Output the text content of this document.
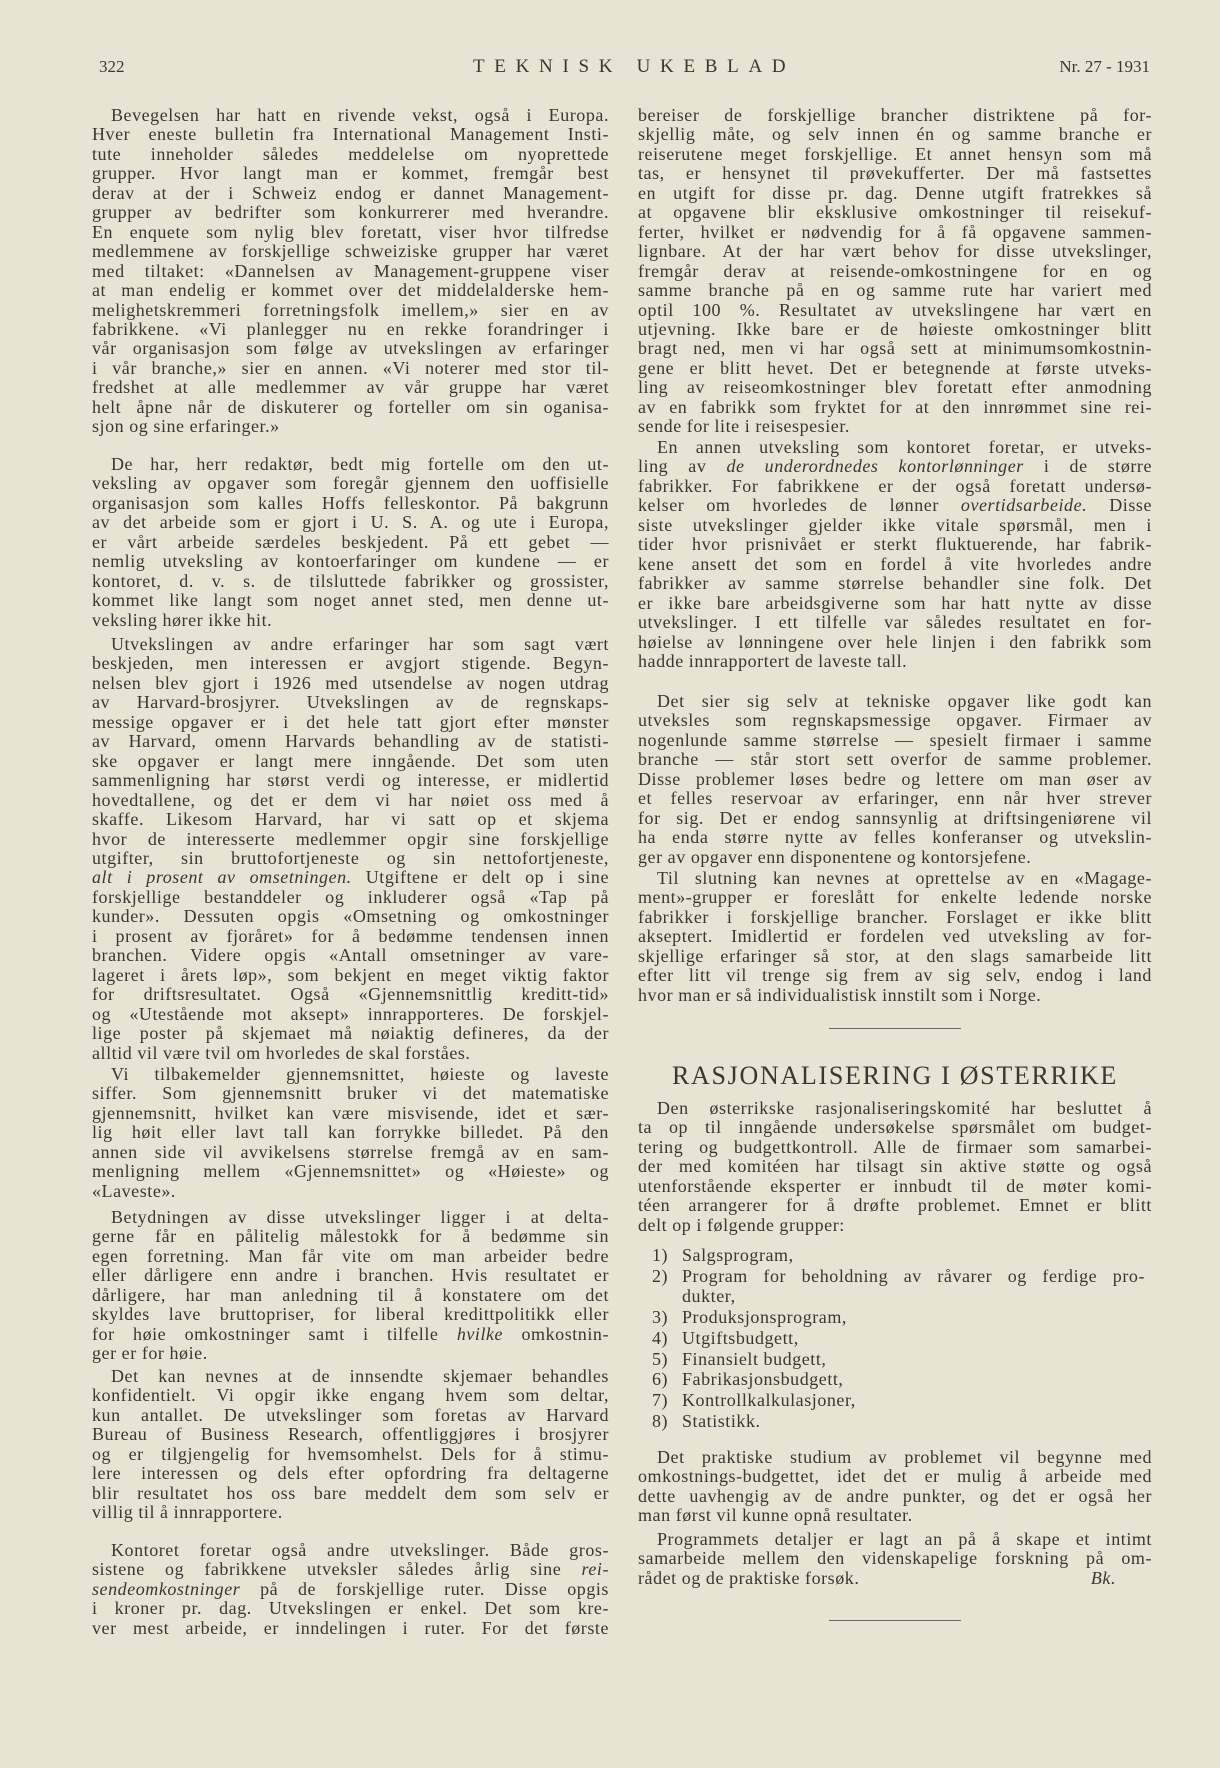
322	TEKNISK UKEBLAD	Nr. 27 - 1931
Bevegelsen har hatt en rivende vekst, også i Europa.
Hver eneste bulletin fra International Management Insti-
tute inneholder således meddelelse om nyoprettede
grupper. Hvor langt man er kommet, fremgår best
derav at der i Schweiz endog er dannet Management-
grupper av bedrifter som konkurrerer med hverandre.
En enquete som nylig blev foretatt, viser hvor tilfredse
medlemmene av forskjellige schweiziske grupper har været
med tiltaket: «Dannelsen av Management-gruppene viser
at man endelig er kommet over det middelalderske hem-
melighetskremmeri forretningsfolk imellem,» sier en av
fabrikkene. «Vi planlegger nu en rekke forandringer i
vår organisasjon som følge av utvekslingen av erfaringer
i vår branche,» sier en annen. «Vi noterer med stor til-
fredshet at alle medlemmer av vår gruppe har været
helt åpne når de diskuterer og forteller om sin oganisa-
sjon og sine erfaringer.»
De har, herr redaktør, bedt mig fortelle om den ut-
veksling av opgaver som foregår gjennem den uoffisielle
organisasjon som kalles Hoffs felleskontor. På bakgrunn
av det arbeide som er gjort i U. S. A. og ute i Europa,
er vårt arbeide særdeles beskjedent. På ett gebet —
nemlig utveksling av kontoerfaringer om kundene — er
kontoret, d. v. s. de tilsluttede fabrikker og grossister,
kommet like langt som noget annet sted, men denne ut-
veksling hører ikke hit.
Utvekslingen av andre erfaringer har som sagt vært
beskjeden, men interessen er avgjort stigende. Begyn-
nelsen blev gjort i 1926 med utsendelse av nogen utdrag
av Harvard-brosjyrer. Utvekslingen av de regnskaps-
messige opgaver er i det hele tatt gjort efter mønster
av Harvard, omenn Harvards behandling av de statisti-
ske opgaver er langt mere inngående. Det som uten
sammenligning har størst verdi og interesse, er midlertid
hovedtallene, og det er dem vi har nøiet oss med å
skaffe. Likesom Harvard, har vi satt op et skjema
hvor de interesserte medlemmer opgir sine forskjellige
utgifter, sin bruttofortjeneste og sin nettofortjeneste,
alt i prosent av omsetningen. Utgiftene er delt op i sine
forskjellige bestanddeler og inkluderer også «Tap på
kunder». Dessuten opgis «Omsetning og omkostninger
i prosent av fjoråret» for å bedømme tendensen innen
branchen. Videre opgis «Antall omsetninger av vare-
lageret i årets løp», som bekjent en meget viktig faktor
for driftsresultatet. Også «Gjennemsnittlig kreditt-tid»
og «Utestående mot aksept» innrapporteres. De forskjel-
lige poster på skjemaet må nøiaktig defineres, da der
alltid vil være tvil om hvorledes de skal forståes.
Vi tilbakemelder gjennemsnittet, høieste og laveste
siffer. Som gjennemsnitt bruker vi det matematiske
gjennemsnitt, hvilket kan være misvisende, idet et sær-
lig høit eller lavt tall kan forrykke billedet. På den
annen side vil avvikelsens størrelse fremgå av en sam-
menligning mellem «Gjennemsnittet» og «Høieste» og
«Laveste».
Betydningen av disse utvekslinger ligger i at delta-
gerne får en pålitelig målestokk for å bedømme sin
egen forretning. Man får vite om man arbeider bedre
eller dårligere enn andre i branchen. Hvis resultatet er
dårligere, har man anledning til å konstatere om det
skyldes lave bruttopriser, for liberal kredittpolitikk eller
for høie omkostninger samt i tilfelle hvilke omkostnin-
ger er for høie.
Det kan nevnes at de innsendte skjemaer behandles
konfidentielt. Vi opgir ikke engang hvem som deltar,
kun antallet. De utvekslinger som foretas av Harvard
Bureau of Business Research, offentliggjøres i brosjyrer
og er tilgjengelig for hvemsomhelst. Dels for å stimu-
lere interessen og dels efter opfordring fra deltagerne
blir resultatet hos oss bare meddelt dem som selv er
villig til å innrapportere.
Kontoret foretar også andre utvekslinger. Både gros-
sistene og fabrikkene utveksler således årlig sine rei-
sendeomkostninger på de forskjellige ruter. Disse opgis
i kroner pr. dag. Utvekslingen er enkel. Det som kre-
ver mest arbeide, er inndelingen i ruter. For det første
bereiser de forskjellige brancher distriktene på for-
skjellig måte, og selv innen én og samme branche er
reiserutene meget forskjellige. Et annet hensyn som må
tas, er hensynet til prøvekufferter. Der må fastsettes
en utgift for disse pr. dag. Denne utgift fratrekkes så
at opgavene blir eksklusive omkostninger til reisekuf-
ferter, hvilket er nødvendig for å få opgavene sammen-
lignbare. At der har vært behov for disse utvekslinger,
fremgår derav at reisende-omkostningene for en og
samme branche på en og samme rute har variert med
optil 100 %. Resultatet av utvekslingene har vært en
utjevning. Ikke bare er de høieste omkostninger blitt
bragt ned, men vi har også sett at minimumsomkostnin-
gene er blitt hevet. Det er betegnende at første utveks-
ling av reiseomkostninger blev foretatt efter anmodning
av en fabrikk som fryktet for at den innrømmet sine rei-
sende for lite i reisespesier.
En annen utveksling som kontoret foretar, er utveks-
ling av de underordnedes kontorlønninger i de større
fabrikker. For fabrikkene er der også foretatt undersø-
kelser om hvorledes de lønner overtidsarbeide. Disse
siste utvekslinger gjelder ikke vitale spørsmål, men i
tider hvor prisnivået er sterkt fluktuerende, har fabrik-
kene ansett det som en fordel å vite hvorledes andre
fabrikker av samme størrelse behandler sine folk. Det
er ikke bare arbeidsgiverne som har hatt nytte av disse
utvekslinger. I ett tilfelle var således resultatet en for-
høielse av lønningene over hele linjen i den fabrikk som
hadde innrapportert de laveste tall.
Det sier sig selv at tekniske opgaver like godt kan
utveksles som regnskapsmessige opgaver. Firmaer av
nogenlunde samme størrelse — spesielt firmaer i samme
branche — står stort sett overfor de samme problemer.
Disse problemer løses bedre og lettere om man øser av
et felles reservoar av erfaringer, enn når hver strever
for sig. Det er endog sannsynlig at driftsingeniørene vil
ha enda større nytte av felles konferanser og utvekslin-
ger av opgaver enn disponentene og kontorsjefene.
Til slutning kan nevnes at oprettelse av en «Magage-
ment»-grupper er foreslått for enkelte ledende norske
fabrikker i forskjellige brancher. Forslaget er ikke blitt
akseptert. Imidlertid er fordelen ved utveksling av for-
skjellige erfaringer så stor, at den slags samarbeide litt
efter litt vil trenge sig frem av sig selv, endog i land
hvor man er så individualistisk innstilt som i Norge.
RASJONALISERING I ØSTERRIKE
Den østerrikske rasjonaliseringskomité har besluttet å
ta op til inngående undersøkelse spørsmålet om budget-
tering og budgettkontroll. Alle de firmaer som samarbei-
der med komitéen har tilsagt sin aktive støtte og også
utenforstående eksperter er innbudt til de møter komi-
téen arrangerer for å drøfte problemet. Emnet er blitt
delt op i følgende grupper:
1) Salgsprogram,
2) Program for beholdning av råvarer og ferdige pro-
dukter,
3) Produksjonsprogram,
4) Utgiftsbudgett,
5) Finansielt budgett,
6) Fabrikasjonsbudgett,
7) Kontrollkalkulasjoner,
8) Statistikk.
Det praktiske studium av problemet vil begynne med
omkostnings-budgettet, idet det er mulig å arbeide med
dette uavhengig av de andre punkter, og det er også her
man først vil kunne opnå resultater.
Programmets detaljer er lagt an på å skape et intimt
samarbeide mellem den videnskapelige forskning på om-
rådet og de praktiske forsøk.	Bk.
